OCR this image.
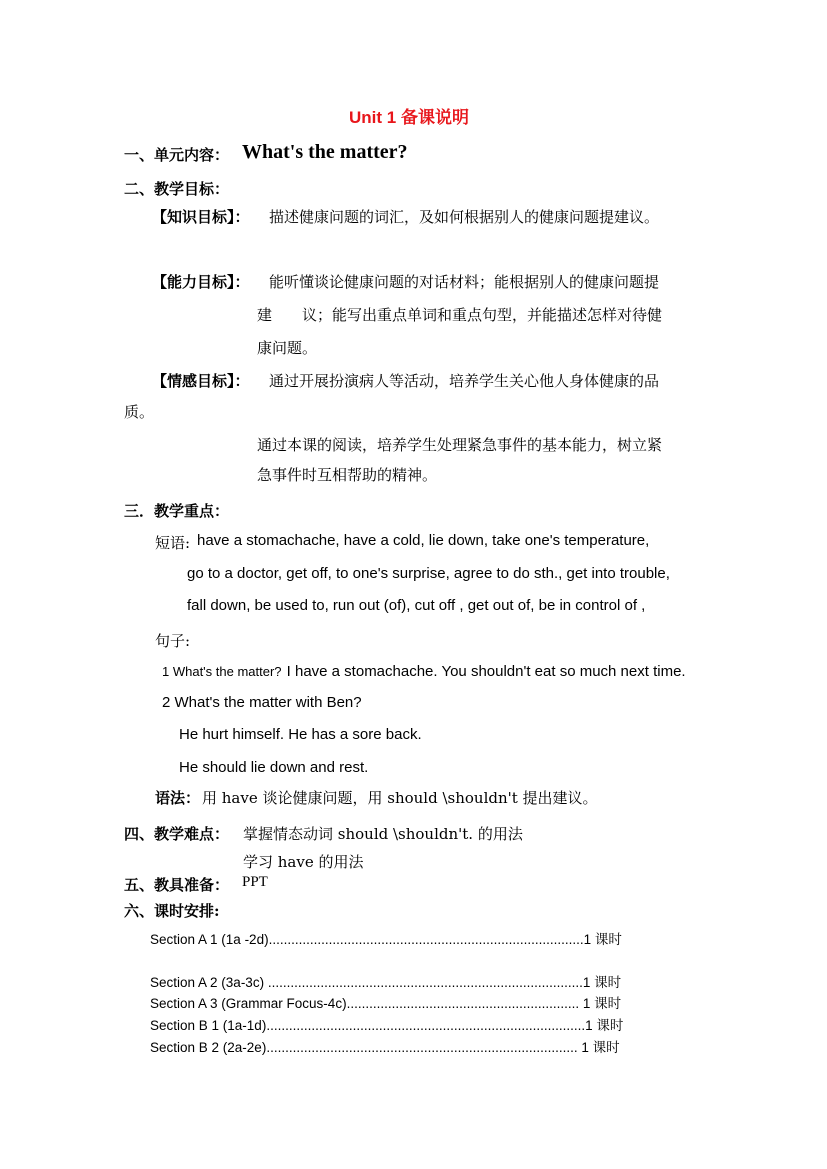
Unit 1 备课说明
一、单元内容： What's the matter?
二、教学目标：
【知识目标】： 描述健康问题的词汇，及如何根据别人的健康问题提建议。
【能力目标】： 能听懂谈论健康问题的对话材料；能根据别人的健康问题提
建　　议；能写出重点单词和重点句型，并能描述怎样对待健
康问题。
【情感目标】： 通过开展扮演病人等活动，培养学生关心他人身体健康的品
质。
通过本课的阅读，培养学生处理紧急事件的基本能力，树立紧
急事件时互相帮助的精神。
三．教学重点：
短语: have a stomachache, have a cold, lie down, take one's temperature,
go to a doctor, get off, to one's surprise, agree to do sth., get into trouble,
fall down, be used to, run out (of), cut off , get out of, be in control of ,
句子:
1 What's the matter? I have a stomachache. You shouldn't eat so much next time.
2 What's the matter with Ben?
He hurt himself. He has a sore back.
He should lie down and rest.
语法： 用 have 谈论健康问题，用 should \shouldn't 提出建议。
四、教学难点： 掌握情态动词 should \shouldn't. 的用法
学习 have 的用法
五、教具准备： PPT
六、课时安排:
Section A 1 (1a -2d)....................................................................................1 课时
Section A 2 (3a-3c) ....................................................................................1 课时
Section A 3 (Grammar Focus-4c).............................................................. 1 课时
Section B 1 (1a-1d).....................................................................................1 课时
Section B 2 (2a-2e)................................................................................... 1 课时
